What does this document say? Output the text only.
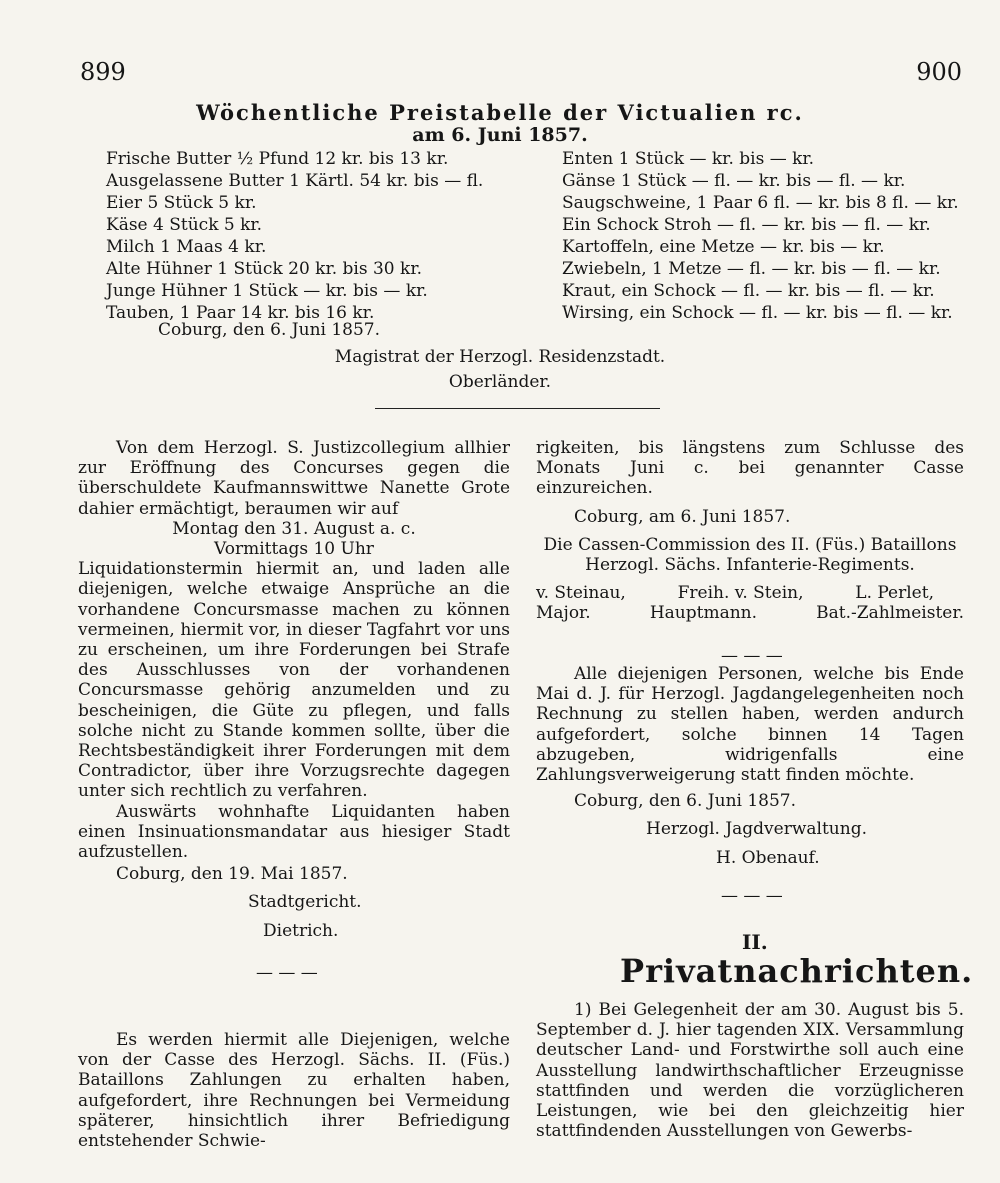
899	900
Wöchentliche Preistabelle der Victualien rc.
am 6. Juni 1857.
Frische Butter ½ Pfund 12 kr. bis 13 kr.
Ausgelassene Butter 1 Kärtl. 54 kr. bis — fl.
Eier 5 Stück 5 kr.
Käse 4 Stück 5 kr.
Milch 1 Maas 4 kr.
Alte Hühner 1 Stück 20 kr. bis 30 kr.
Junge Hühner 1 Stück — kr. bis — kr.
Tauben, 1 Paar 14 kr. bis 16 kr.
Enten 1 Stück — kr. bis — kr.
Gänse 1 Stück — fl. — kr. bis — fl. — kr.
Saugschweine, 1 Paar 6 fl. — kr. bis 8 fl. — kr.
Ein Schock Stroh — fl. — kr. bis — fl. — kr.
Kartoffeln, eine Metze — kr. bis — kr.
Zwiebeln, 1 Metze — fl. — kr. bis — fl. — kr.
Kraut, ein Schock — fl. — kr. bis — fl. — kr.
Wirsing, ein Schock — fl. — kr. bis — fl. — kr.
Coburg, den 6. Juni 1857.
Magistrat der Herzogl. Residenzstadt.
Oberländer.

Von dem Herzogl. S. Justizcollegium allhier zur Eröffnung des Concurses gegen die überschuldete Kaufmannswittwe Nanette Grote dahier ermächtigt, beraumen wir auf

Montag den 31. August a. c.

Vormittags 10 Uhr

Liquidationstermin hiermit an, und laden alle diejenigen, welche etwaige Ansprüche an die vorhandene Concursmasse machen zu können vermeinen, hiermit vor, in dieser Tagfahrt vor uns zu erscheinen, um ihre Forderungen bei Strafe des Ausschlusses von der vorhandenen Concursmasse gehörig anzumelden und zu bescheinigen, die Güte zu pflegen, und falls solche nicht zu Stande kommen sollte, über die Rechtsbeständigkeit ihrer Forderungen mit dem Contradictor, über ihre Vorzugsrechte dagegen unter sich rechtlich zu verfahren.

Auswärts wohnhafte Liquidanten haben einen Insinuationsmandatar aus hiesiger Stadt aufzustellen.

Coburg, den 19. Mai 1857.

Stadtgericht.

Dietrich.

— — —

Es werden hiermit alle Diejenigen, welche von der Casse des Herzogl. Sächs. II. (Füs.) Bataillons Zahlungen zu erhalten haben, aufgefordert, ihre Rechnungen bei Vermeidung späterer, hinsichtlich ihrer Befriedigung entstehender Schwie-

rigkeiten, bis längstens zum Schlusse des Monats Juni c. bei genannter Casse einzureichen.

Coburg, am 6. Juni 1857.

Die Cassen-Commission des II. (Füs.) Bataillons

Herzogl. Sächs. Infanterie-Regiments.

v. Steinau,	Freih. v. Stein,	L. Perlet,
Major.	Hauptmann.	Bat.-Zahlmeister.

— — —

Alle diejenigen Personen, welche bis Ende Mai d. J. für Herzogl. Jagdangelegenheiten noch Rechnung zu stellen haben, werden andurch aufgefordert, solche binnen 14 Tagen abzugeben, widrigenfalls eine Zahlungsverweigerung statt finden möchte.

Coburg, den 6. Juni 1857.

Herzogl. Jagdverwaltung.

H. Obenauf.

— — —

II.
Privatnachrichten.

1) Bei Gelegenheit der am 30. August bis 5. September d. J. hier tagenden XIX. Versammlung deutscher Land- und Forstwirthe soll auch eine Ausstellung landwirthschaftlicher Erzeugnisse stattfinden und werden die vorzüglicheren Leistungen, wie bei den gleichzeitig hier stattfindenden Ausstellungen von Gewerbs-
